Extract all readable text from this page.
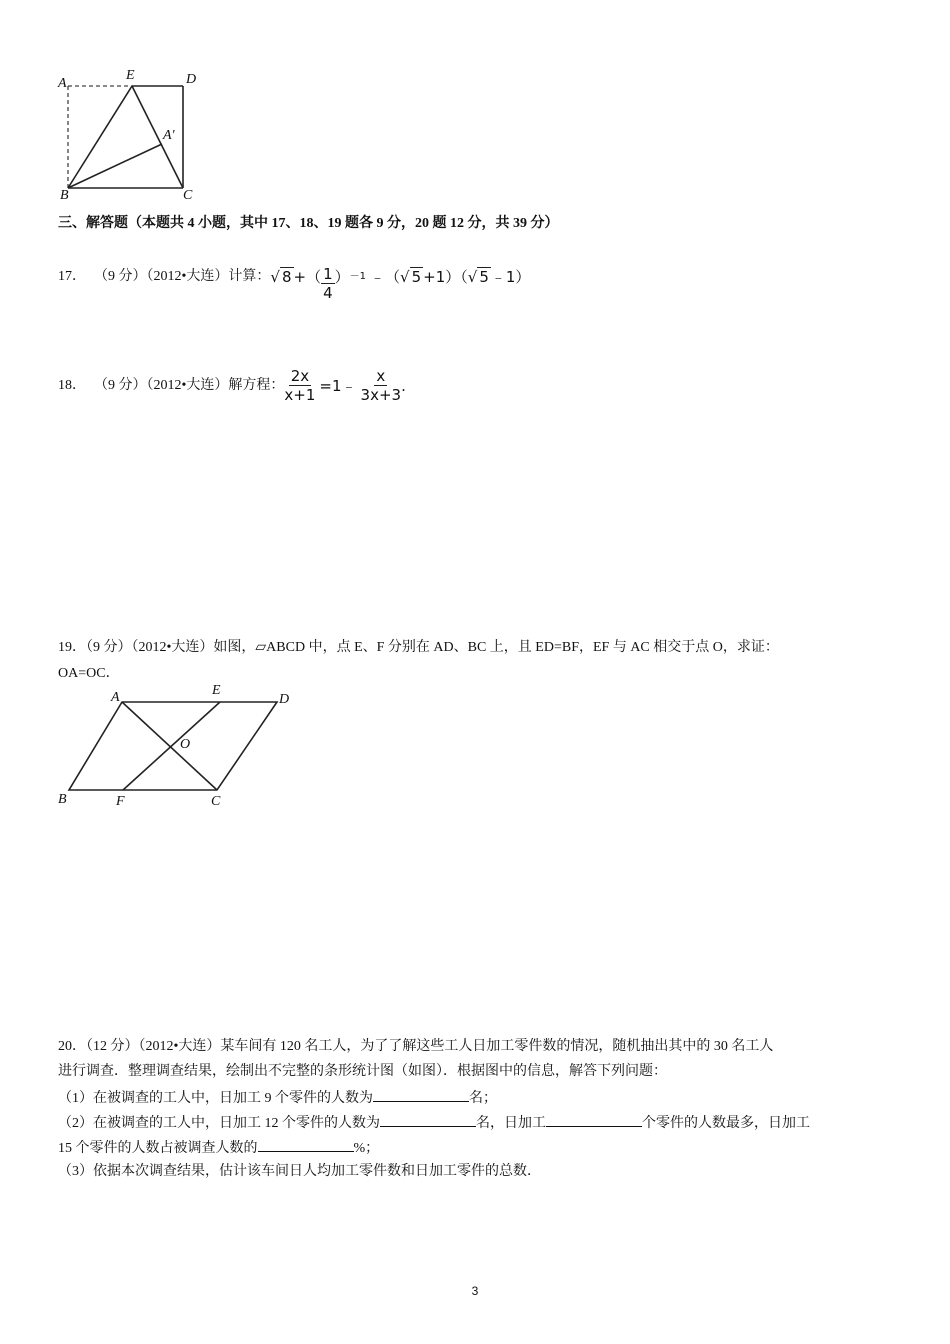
A
E	D
A′
B	C
三、解答题（本题共 4 小题，其中 17、18、19 题各 9 分，20 题 12 分，共 39 分）
17． （9 分）（2012•大连）计算： √ 8 +（ $\frac{1}{4}$ ） －1 ﹣（ √ 5 +1）（ √ 5 ﹣1）
18． （9 分）（2012•大连）解方程： $\frac{2x}{x+1}$ =1﹣ $\frac{x}{3x+3}$ .
19．（9 分）（2012•大连）如图，▱ABCD 中，点 E、F 分别在 AD、BC 上，且 ED=BF，EF 与 AC 相交于点 O，求证：
OA=OC．
A	E
D
O
B	F	C
20．（12 分）（2012•大连）某车间有 120 名工人，为了了解这些工人日加工零件数的情况，随机抽出其中的 30 名工人
进行调查．整理调查结果，绘制出不完整的条形统计图（如图）．根据图中的信息，解答下列问题：
（1）在被调查的工人中，日加工 9 个零件的人数为	名；
（2）在被调查的工人中，日加工 12 个零件的人数为	名，日加工	个零件的人数最多，日加工
15 个零件的人数占被调查人数的	%；
（3）依据本次调查结果，估计该车间日人均加工零件数和日加工零件的总数．
3
